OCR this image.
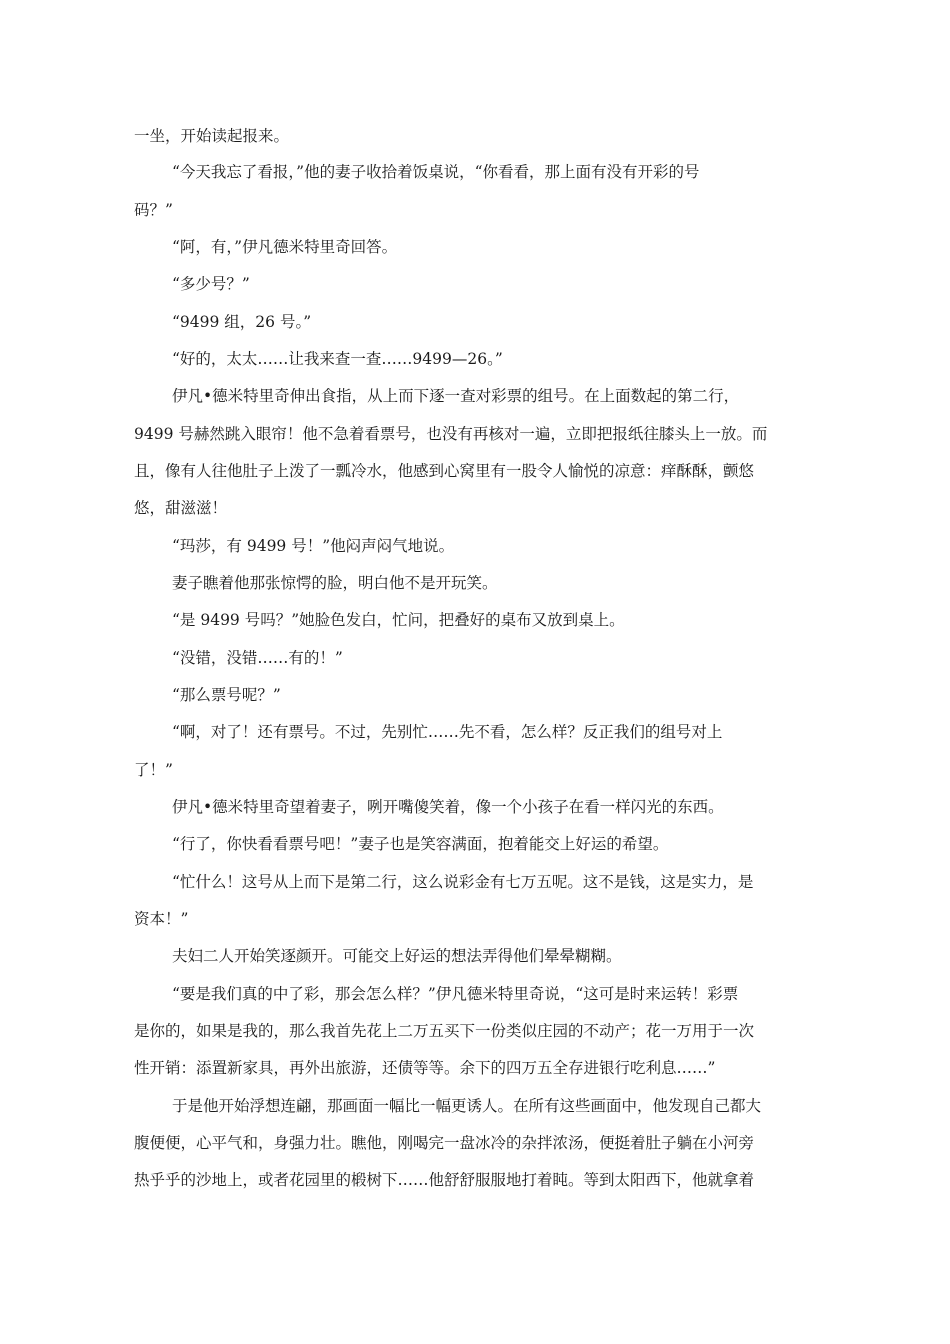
一坐，开始读起报来。

“今天我忘了看报，”他的妻子收拾着饭桌说，“你看看，那上面有没有开彩的号

码？”

“阿，有，”伊凡德米特里奇回答。

“多少号？”

“9499 组，26 号。”

“好的，太太……让我来查一查……9499—26。”

伊凡•德米特里奇伸出食指，从上而下逐一查对彩票的组号。在上面数起的第二行，

9499 号赫然跳入眼帘！他不急着看票号，也没有再核对一遍，立即把报纸往膝头上一放。而

且，像有人往他肚子上泼了一瓢冷水，他感到心窝里有一股令人愉悦的凉意：痒酥酥，颤悠

悠，甜滋滋！

“玛莎，有 9499 号！”他闷声闷气地说。

妻子瞧着他那张惊愕的脸，明白他不是开玩笑。

“是 9499 号吗？”她脸色发白，忙问，把叠好的桌布又放到桌上。

“没错，没错……有的！”

“那么票号呢？”

“啊，对了！还有票号。不过，先别忙……先不看，怎么样？反正我们的组号对上

了！”

伊凡•德米特里奇望着妻子，咧开嘴傻笑着，像一个小孩子在看一样闪光的东西。

“行了，你快看看票号吧！”妻子也是笑容满面，抱着能交上好运的希望。

“忙什么！这号从上而下是第二行，这么说彩金有七万五呢。这不是钱，这是实力，是

资本！”

夫妇二人开始笑逐颜开。可能交上好运的想法弄得他们晕晕糊糊。

“要是我们真的中了彩，那会怎么样？”伊凡德米特里奇说，“这可是时来运转！彩票

是你的，如果是我的，那么我首先花上二万五买下一份类似庄园的不动产；花一万用于一次

性开销：添置新家具，再外出旅游，还债等等。余下的四万五全存进银行吃利息……”

于是他开始浮想连翩，那画面一幅比一幅更诱人。在所有这些画面中，他发现自己都大

腹便便，心平气和，身强力壮。瞧他，刚喝完一盘冰冷的杂拌浓汤，便挺着肚子躺在小河旁

热乎乎的沙地上，或者花园里的椴树下……他舒舒服服地打着盹。等到太阳西下，他就拿着
